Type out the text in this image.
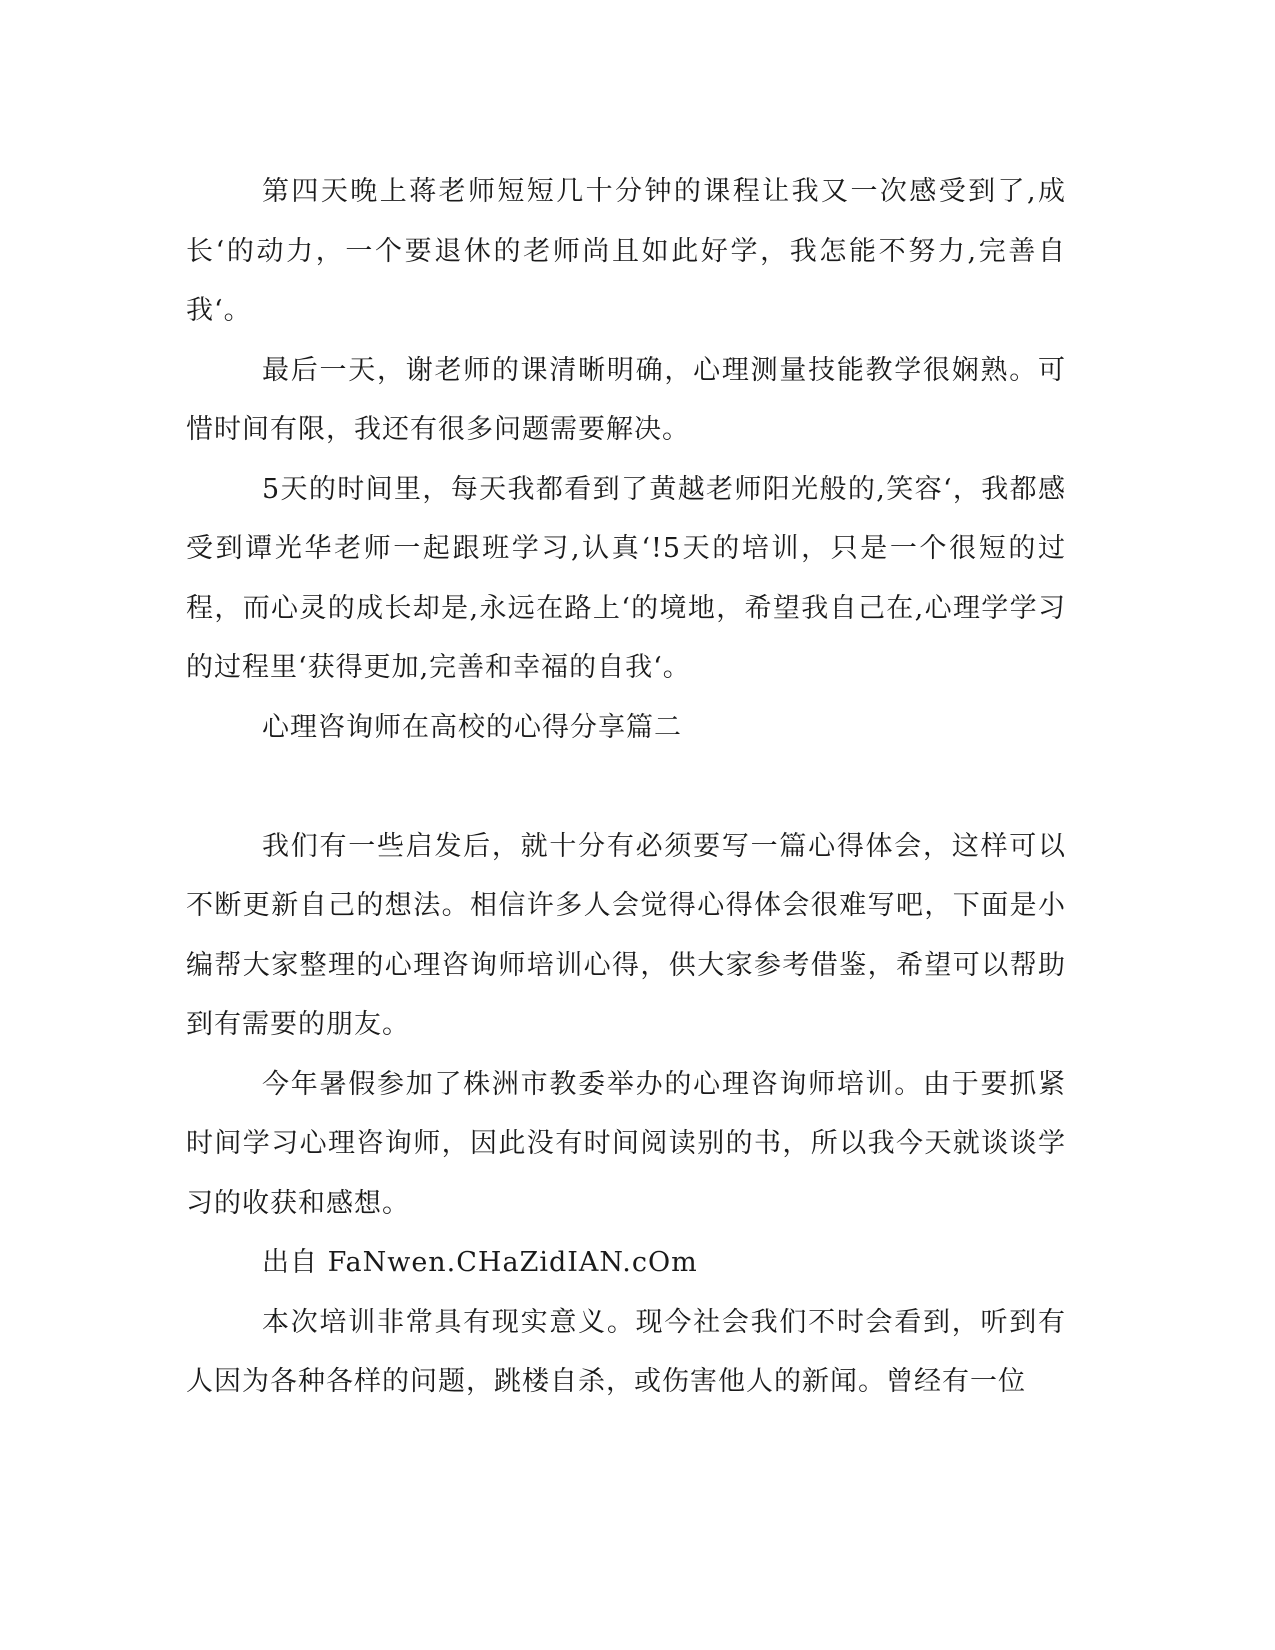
第四天晚上蒋老师短短几十分钟的课程让我又一次感受到了,成长‘的动力，一个要退休的老师尚且如此好学，我怎能不努力,完善自我‘。

最后一天，谢老师的课清晰明确，心理测量技能教学很娴熟。可惜时间有限，我还有很多问题需要解决。

5天的时间里，每天我都看到了黄越老师阳光般的,笑容‘，我都感受到谭光华老师一起跟班学习,认真‘!5天的培训，只是一个很短的过程，而心灵的成长却是,永远在路上‘的境地，希望我自己在,心理学学习的过程里‘获得更加,完善和幸福的自我‘。

心理咨询师在高校的心得分享篇二

我们有一些启发后，就十分有必须要写一篇心得体会，这样可以不断更新自己的想法。相信许多人会觉得心得体会很难写吧，下面是小编帮大家整理的心理咨询师培训心得，供大家参考借鉴，希望可以帮助到有需要的朋友。

今年暑假参加了株洲市教委举办的心理咨询师培训。由于要抓紧时间学习心理咨询师，因此没有时间阅读别的书，所以我今天就谈谈学习的收获和感想。

出自 FaNwen.CHaZidIAN.cOm

本次培训非常具有现实意义。现今社会我们不时会看到，听到有人因为各种各样的问题，跳楼自杀，或伤害他人的新闻。曾经有一位
